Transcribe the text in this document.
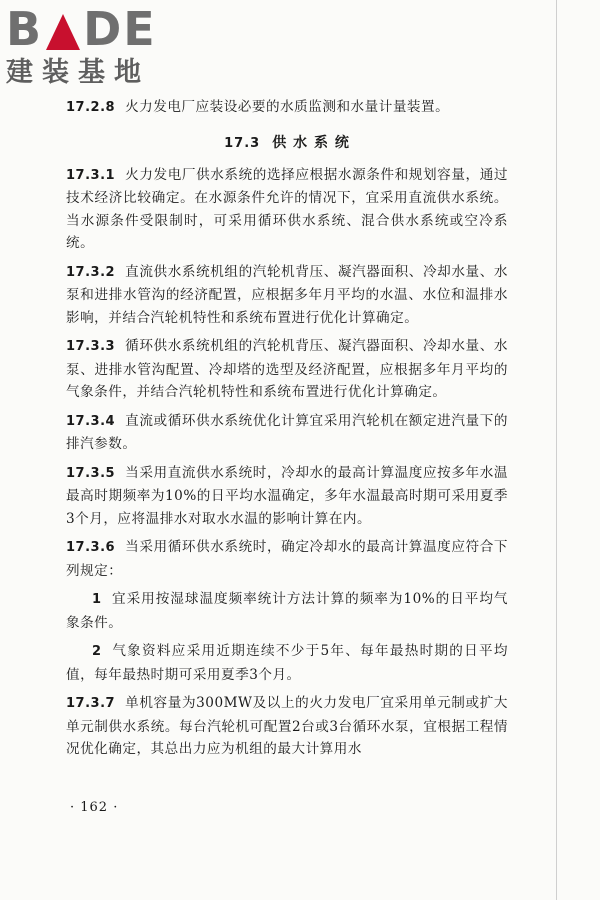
B DE
建装基地

17.2.8 火力发电厂应装设必要的水质监测和水量计量装置。

17.3 供 水 系 统

17.3.1 火力发电厂供水系统的选择应根据水源条件和规划容量，通过技术经济比较确定。在水源条件允许的情况下，宜采用直流供水系统。当水源条件受限制时，可采用循环供水系统、混合供水系统或空冷系统。

17.3.2 直流供水系统机组的汽轮机背压、凝汽器面积、冷却水量、水泵和进排水管沟的经济配置，应根据多年月平均的水温、水位和温排水影响，并结合汽轮机特性和系统布置进行优化计算确定。

17.3.3 循环供水系统机组的汽轮机背压、凝汽器面积、冷却水量、水泵、进排水管沟配置、冷却塔的选型及经济配置，应根据多年月平均的气象条件，并结合汽轮机特性和系统布置进行优化计算确定。

17.3.4 直流或循环供水系统优化计算宜采用汽轮机在额定进汽量下的排汽参数。

17.3.5 当采用直流供水系统时，冷却水的最高计算温度应按多年水温最高时期频率为10%的日平均水温确定，多年水温最高时期可采用夏季3个月，应将温排水对取水水温的影响计算在内。

17.3.6 当采用循环供水系统时，确定冷却水的最高计算温度应符合下列规定：

1 宜采用按湿球温度频率统计方法计算的频率为10%的日平均气象条件。

2 气象资料应采用近期连续不少于5年、每年最热时期的日平均值，每年最热时期可采用夏季3个月。

17.3.7 单机容量为300MW及以上的火力发电厂宜采用单元制或扩大单元制供水系统。每台汽轮机可配置2台或3台循环水泵，宜根据工程情况优化确定，其总出力应为机组的最大计算用水

· 162 ·
